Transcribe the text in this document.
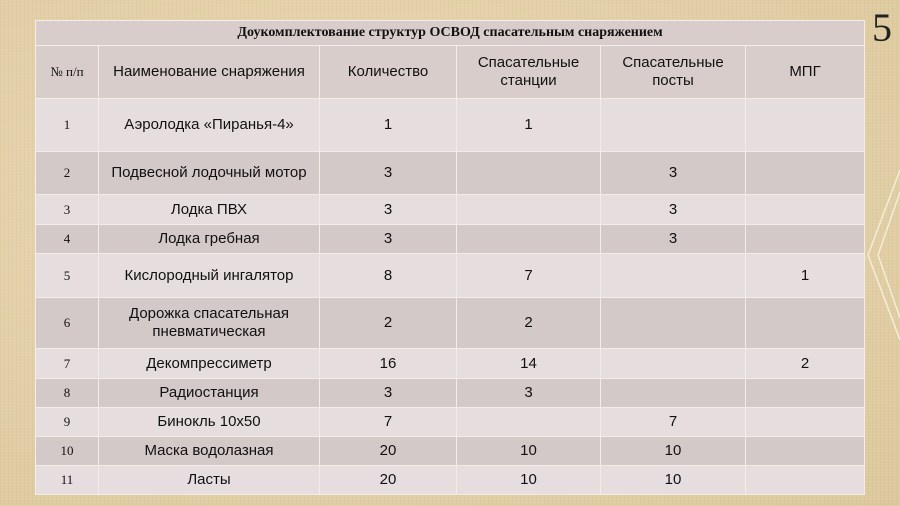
5
Доукомплектование структур ОСВОД спасательным снаряжением					
№ п/п	Наименование снаряжения	Количество	Спасательные станции	Спасательные посты	МПГ
1	Аэролодка «Пиранья-4»	1	1		
2	Подвесной лодочный мотор	3		3	
3	Лодка ПВХ	3		3	
4	Лодка гребная	3		3	
5	Кислородный ингалятор	8	7		1
6	Дорожка спасательная пневматическая	2	2		
7	Декомпрессиметр	16	14		2
8	Радиостанция	3	3		
9	Бинокль 10х50	7		7	
10	Маска водолазная	20	10	10	
11	Ласты	20	10	10	
